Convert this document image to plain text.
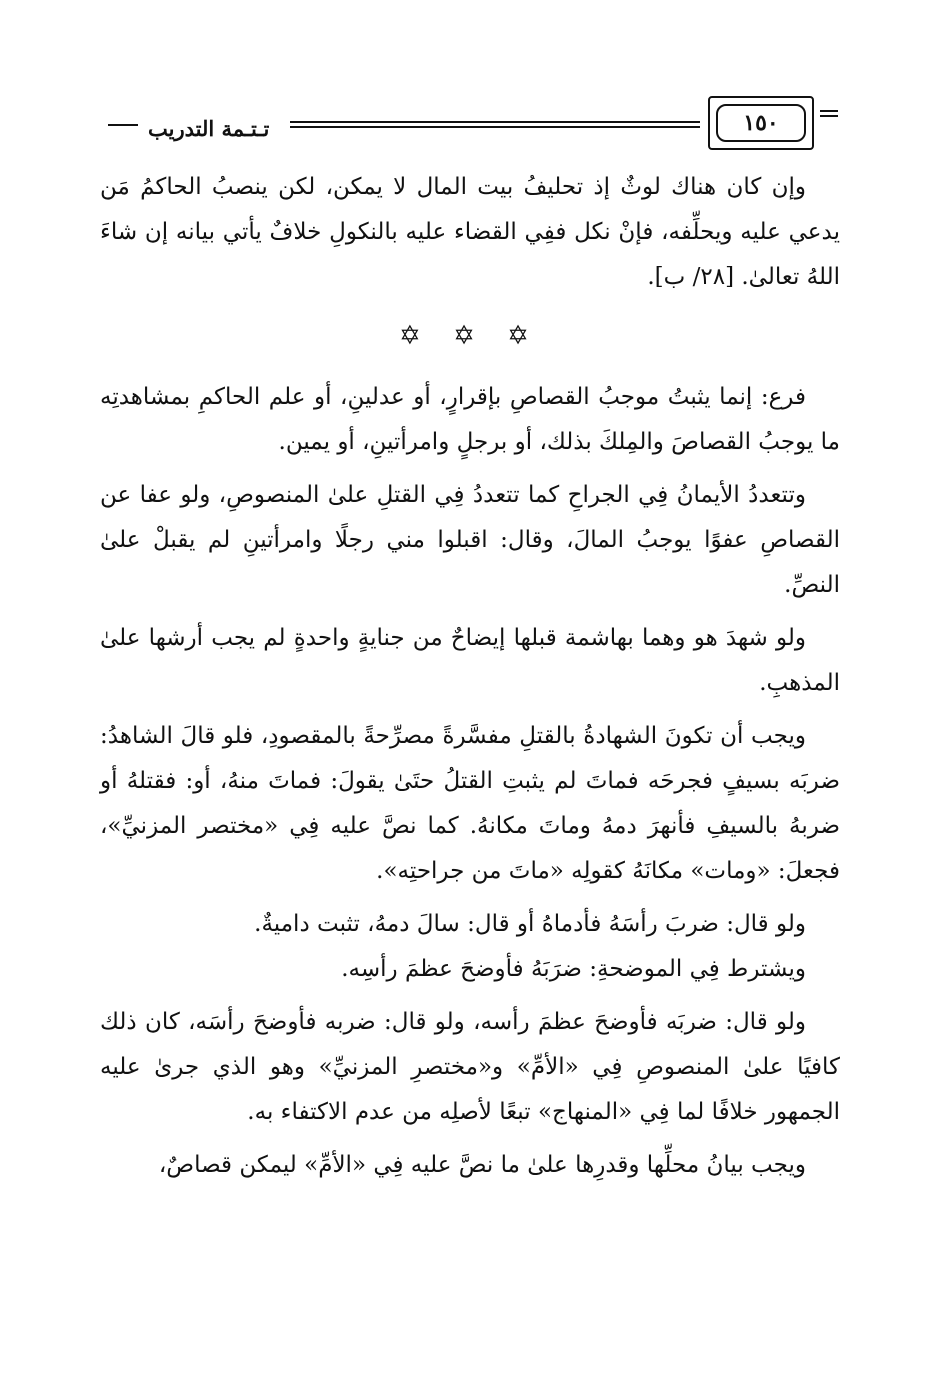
١٥٠
تـتـمة التدريب

وإن كان هناك لوثٌ إذ تحليفُ بيت المال لا يمكن، لكن ينصبُ الحاكمُ مَن يدعي عليه ويحلِّفه، فإنْ نكل ففِي القضاء عليه بالنكولِ خلافٌ يأتي بيانه إن شاءَ اللهُ تعالىٰ. [٢٨/ ب].

✡ ✡ ✡

فرع: إنما يثبتُ موجبُ القصاصِ بإقرارٍ، أو عدلينِ، أو علم الحاكمِ بمشاهدتِه ما يوجبُ القصاصَ والمِلكَ بذلك، أو برجلٍ وامرأتينِ، أو يمين.

وتتعددُ الأيمانُ فِي الجراحِ كما تتعددُ فِي القتلِ علىٰ المنصوصِ، ولو عفا عن القصاصِ عفوًا يوجبُ المالَ، وقال: اقبلوا مني رجلًا وامرأتينِ لم يقبلْ علىٰ النصِّ.

ولو شهدَ هو وهما بهاشمة قبلها إيضاحٌ من جنايةٍ واحدةٍ لم يجب أرشها علىٰ المذهبِ.

ويجب أن تكونَ الشهادةُ بالقتلِ مفسَّرةً مصرِّحةً بالمقصودِ، فلو قالَ الشاهدُ: ضربَه بسيفٍ فجرحَه فماتَ لم يثبتِ القتلُ حتَىٰ يقولَ: فماتَ منهُ، أو: فقتلهُ أو ضربهُ بالسيفِ فأنهرَ دمهُ وماتَ مكانهُ. كما نصَّ عليه فِي «مختصر المزنيِّ»، فجعلَ: «ومات» مكانَهُ كقولِه «ماتَ من جراحتِه».

ولو قال: ضربَ رأسَهُ فأدماهُ أو قال: سالَ دمهُ، تثبت داميةٌ.

ويشترط فِي الموضحةِ: ضرَبَهُ فأوضحَ عظمَ رأسِه.

ولو قال: ضربَه فأوضحَ عظمَ رأسه، ولو قال: ضربه فأوضحَ رأسَه، كان ذلك كافيًا علىٰ المنصوصِ فِي «الأمِّ» و«مختصرِ المزنيِّ» وهو الذي جرىٰ عليه الجمهور خلافًا لما فِي «المنهاج» تبعًا لأصلِه من عدم الاكتفاء به.

ويجب بيانُ محلِّها وقدرِها علىٰ ما نصَّ عليه فِي «الأمِّ» ليمكن قصاصٌ،
